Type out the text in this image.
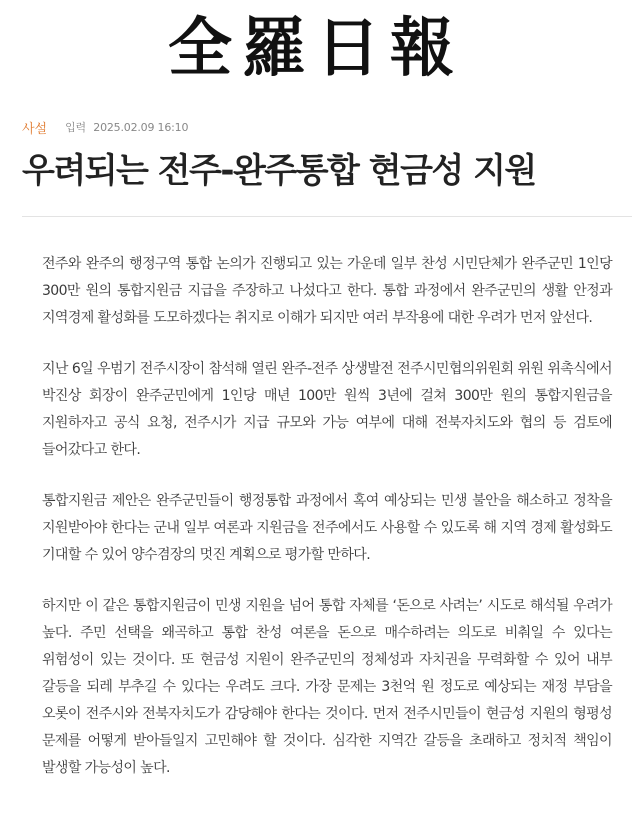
全羅日報
사설 입력 2025.02.09 16:10
우려되는 전주-완주통합 현금성 지원

전주와 완주의 행정구역 통합 논의가 진행되고 있는 가운데 일부 찬성 시민단체가 완주군민 1인당 300만 원의 통합지원금 지급을 주장하고 나섰다고 한다. 통합 과정에서 완주군민의 생활 안정과 지역경제 활성화를 도모하겠다는 취지로 이해가 되지만 여러 부작용에 대한 우려가 먼저 앞선다.

지난 6일 우범기 전주시장이 참석해 열린 완주-전주 상생발전 전주시민협의위원회 위원 위촉식에서 박진상 회장이 완주군민에게 1인당 매년 100만 원씩 3년에 걸쳐 300만 원의 통합지원금을 지원하자고 공식 요청, 전주시가 지급 규모와 가능 여부에 대해 전북자치도와 협의 등 검토에 들어갔다고 한다.

통합지원금 제안은 완주군민들이 행정통합 과정에서 혹여 예상되는 민생 불안을 해소하고 정착을 지원받아야 한다는 군내 일부 여론과 지원금을 전주에서도 사용할 수 있도록 해 지역 경제 활성화도 기대할 수 있어 양수겸장의 멋진 계획으로 평가할 만하다.

하지만 이 같은 통합지원금이 민생 지원을 넘어 통합 자체를 ‘돈으로 사려는’ 시도로 해석될 우려가 높다. 주민 선택을 왜곡하고 통합 찬성 여론을 돈으로 매수하려는 의도로 비춰일 수 있다는 위험성이 있는 것이다. 또 현금성 지원이 완주군민의 정체성과 자치권을 무력화할 수 있어 내부 갈등을 되레 부추길 수 있다는 우려도 크다. 가장 문제는 3천억 원 정도로 예상되는 재정 부담을 오롯이 전주시와 전북자치도가 감당해야 한다는 것이다. 먼저 전주시민들이 현금성 지원의 형평성 문제를 어떻게 받아들일지 고민해야 할 것이다. 심각한 지역간 갈등을 초래하고 정치적 책임이 발생할 가능성이 높다.
